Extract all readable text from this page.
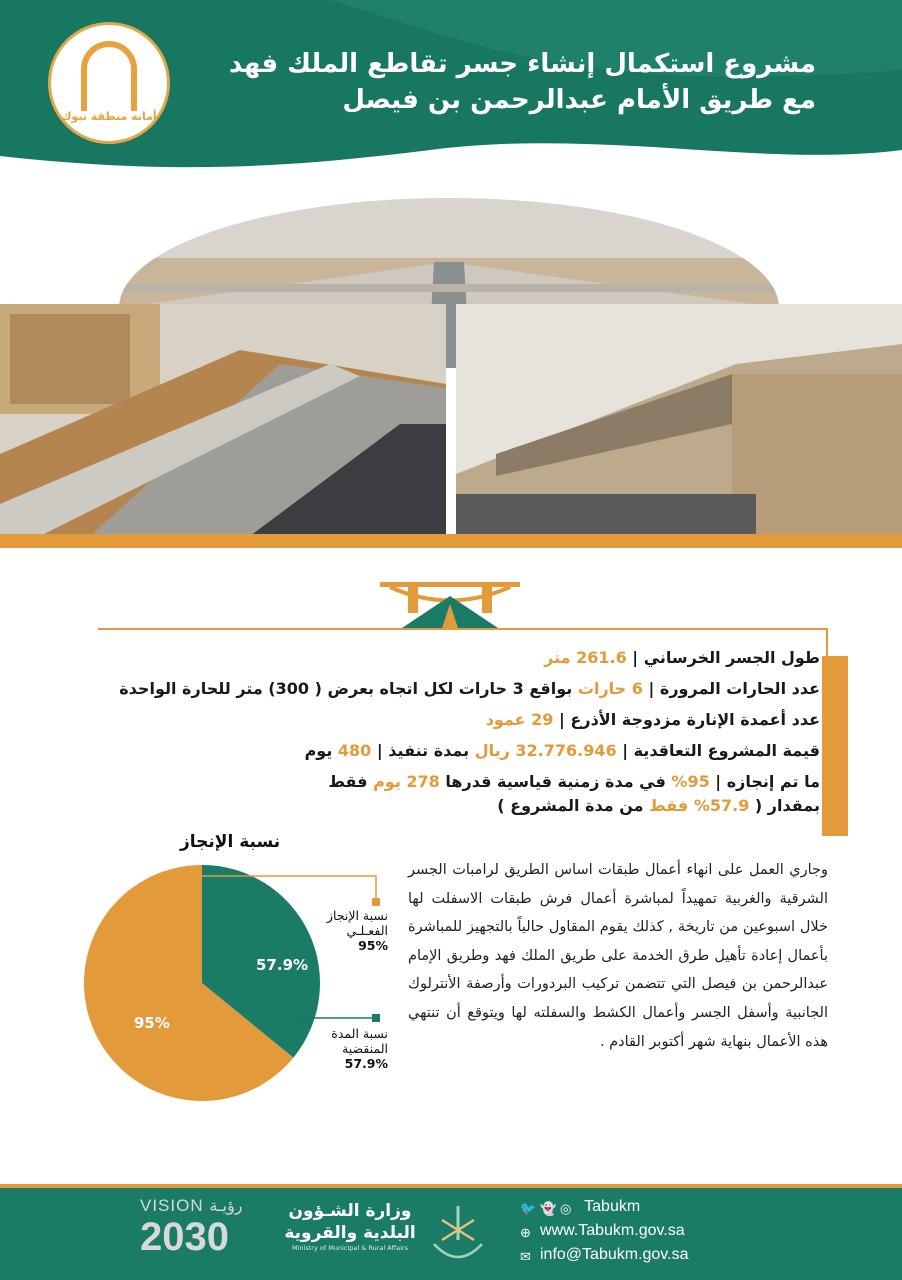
أمانة منطقة تبوك
مشروع استكمال إنشاء جسر تقاطع الملك فهد
مع طريق الأمام عبدالرحمن بن فيصل
طول الجسر الخرساني | 261.6 متر
عدد الحارات المرورة | 6 حارات بواقع 3 حارات لكل اتجاه بعرض ( 300) متر للحارة الواحدة
عدد أعمدة الإنارة مزدوجة الأذرع | 29 عمود
قيمة المشروع التعاقدية | 32.776.946 ريال بمدة تنفيذ | 480 يوم
ما تم إنجازه | 95% في مدة زمنية قياسية قدرها 278 يوم فقط
بمقدار ( 57.9% فقط من مدة المشروع )
نسبة الإنجاز
57.9%
95%
نسبة الإنجاز
الفعـلـي
95%
نسبة المدة
المنقضية
57.9%
وجاري العمل على انهاء أعمال طبقات اساس الطريق لرامبات الجسر الشرقية والغربية تمهيداً لمباشرة أعمال فرش طبقات الاسفلت لها خلال اسبوعين من تاريخة , كذلك يقوم المقاول حالياً بالتجهيز للمباشرة بأعمال إعادة تأهيل طرق الخدمة على طريق الملك فهد وطريق الإمام عبدالرحمن بن فيصل التي تتضمن تركيب البردورات وأرصفة الأنترلوك الجانبية وأسفل الجسر وأعمال الكشط والسفلته لها ويتوقع أن تنتهي هذه الأعمال بنهاية شهر أكتوبر القادم .
VISION رؤيـة
2030
وزارة الشـؤون
البلدية والقروية
Ministry of Municipal & Rural Affairs
🐦 👻 ◎ Tabukm
⊕ www.Tabukm.gov.sa
✉ info@Tabukm.gov.sa
